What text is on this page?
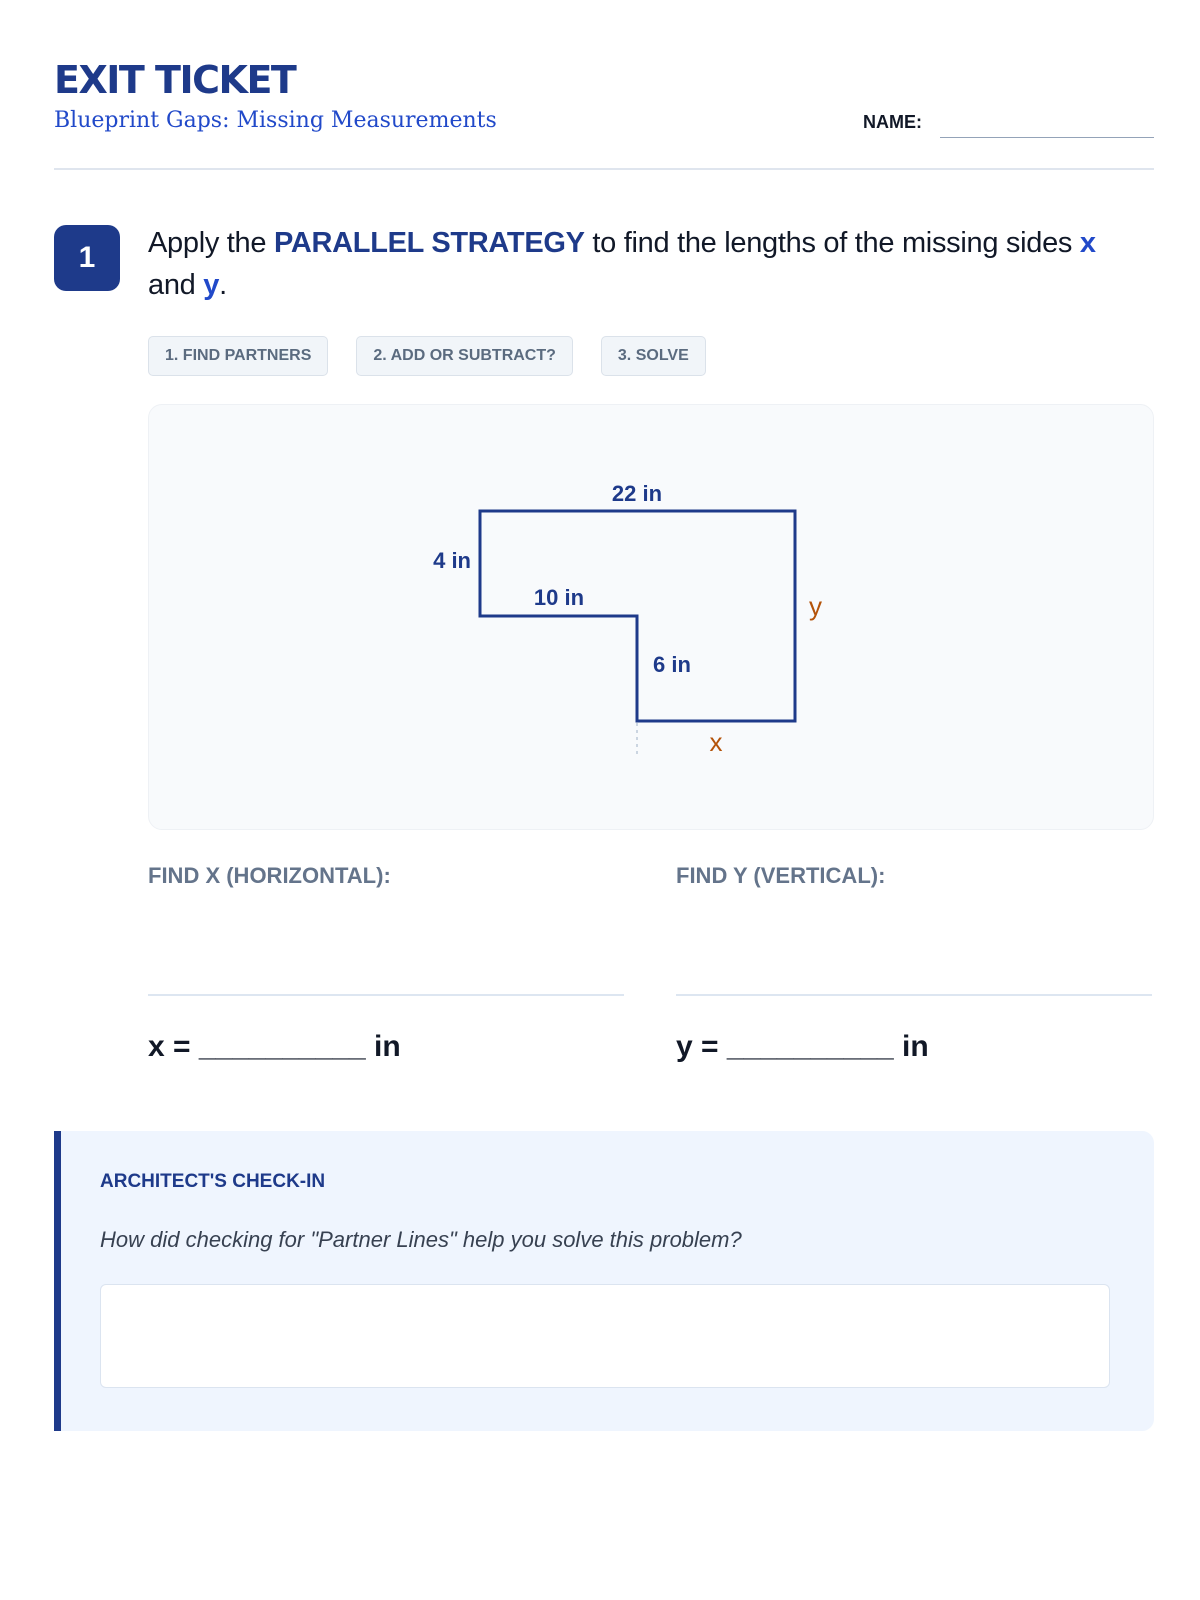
EXIT TICKET
Blueprint Gaps: Missing Measurements	NAME:
1	Apply the PARALLEL STRATEGY to find the lengths of the missing sides x
and y.
1. FIND PARTNERS	2. ADD OR SUBTRACT?	3. SOLVE
22 in
4 in
10 in
6 in
x
y
FIND X (HORIZONTAL):	FIND Y (VERTICAL):
x = __________ in	y = __________ in
ARCHITECT'S CHECK-IN
How did checking for "Partner Lines" help you solve this problem?
